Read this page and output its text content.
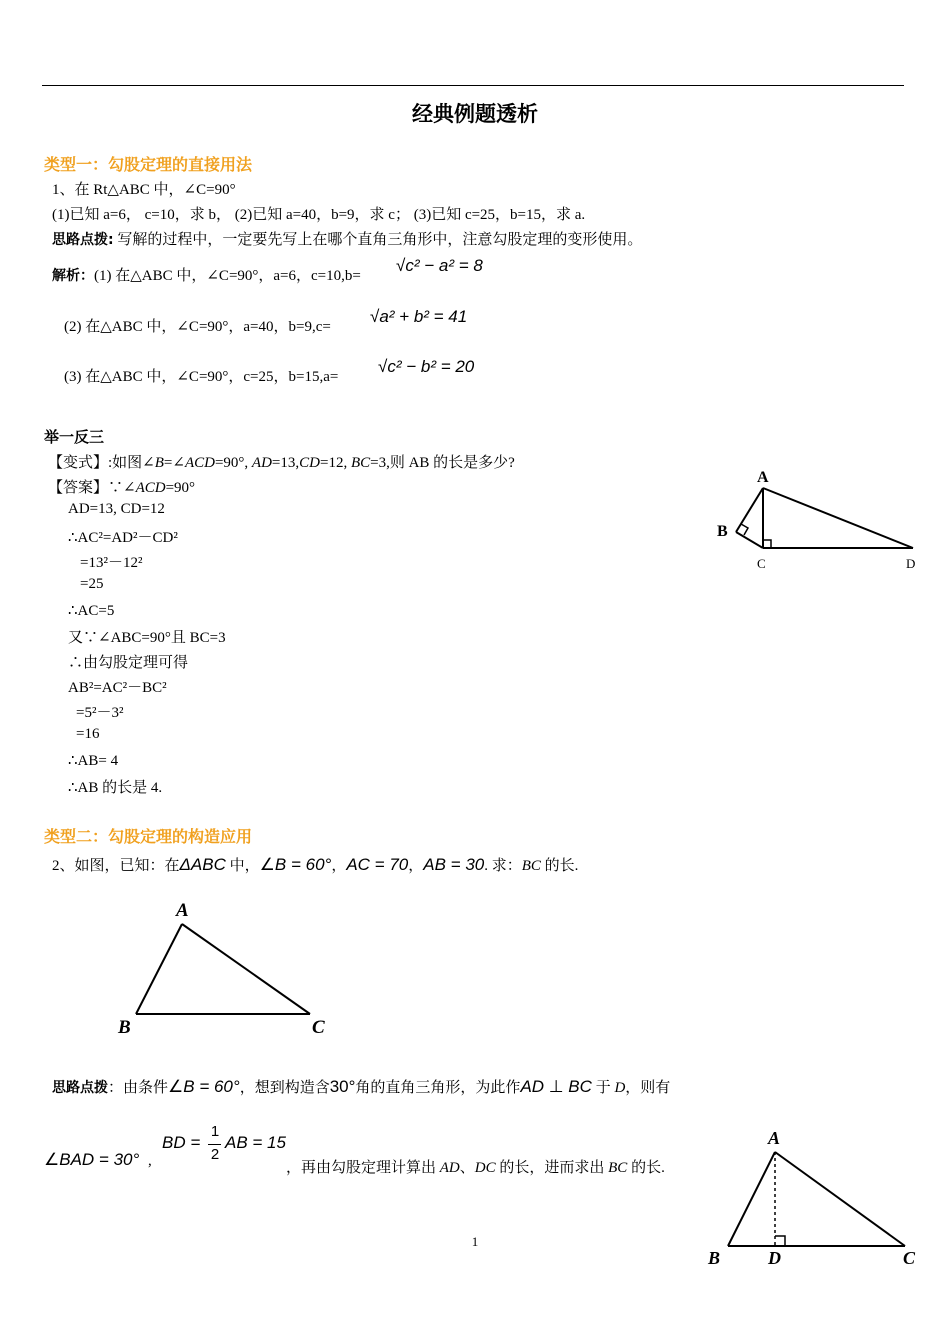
经典例题透析
类型一：勾股定理的直接用法
1、在 Rt△ABC 中，∠C=90°
(1)已知 a=6， c=10，求 b， (2)已知 a=40，b=9，求 c； (3)已知 c=25，b=15，求 a.
思路点拨: 写解的过程中，一定要先写上在哪个直角三角形中，注意勾股定理的变形使用。
解析：(1) 在△ABC 中，∠C=90°，a=6，c=10,b=
√c² − a² = 8
(2) 在△ABC 中，∠C=90°，a=40，b=9,c=
√a² + b² = 41
(3) 在△ABC 中，∠C=90°，c=25，b=15,a=
√c² − b² = 20
举一反三
【变式】:如图∠B=∠ACD=90°, AD=13,CD=12, BC=3,则 AB 的长是多少?
【答案】∵∠ACD=90°
AD=13, CD=12
∴AC²=AD²－CD²
=13²－12²
=25
∴AC=5
又∵∠ABC=90°且 BC=3
∴由勾股定理可得
AB²=AC²－BC²
=5²－3²
=16
∴AB= 4
∴AB 的长是 4.
A
B
C	D
类型二：勾股定理的构造应用
2、如图，已知：在ΔABC 中，∠B = 60°，AC = 70，AB = 30. 求：BC 的长.
A
B	C
思路点拨：由条件∠B = 60°，想到构造含30°角的直角三角形，为此作AD ⊥ BC 于 D，则有
∠BAD = 30° ,
BD =
1
2
AB = 15
，再由勾股定理计算出 AD、DC 的长，进而求出 BC 的长.
A
B	D	C
1
